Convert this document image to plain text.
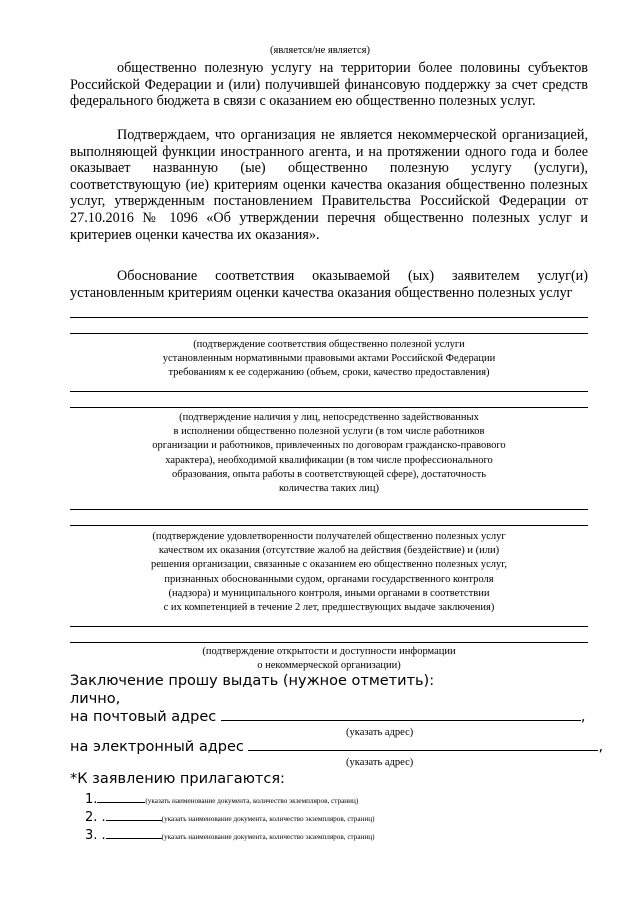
(является/не является)
общественно полезную услугу на территории более половины субъектов Российской Федерации и (или) получившей финансовую поддержку за счет средств федерального бюджета в связи с оказанием ею общественно полезных услуг.
Подтверждаем, что организация не является некоммерческой организацией, выполняющей функции иностранного агента, и на протяжении одного года и более оказывает названную (ые) общественно полезную услугу (услуги), соответствующую (ие) критериям оценки качества оказания общественно полезных услуг, утвержденным постановлением Правительства Российской Федерации от 27.10.2016 № 1096 «Об утверждении перечня общественно полезных услуг и критериев оценки качества их оказания».
Обоснование соответствия оказываемой (ых) заявителем услуг(и) установленным критериям оценки качества оказания общественно полезных услуг
(подтверждение соответствия общественно полезной услуги
установленным нормативными правовыми актами Российской Федерации
требованиям к ее содержанию (объем, сроки, качество предоставления)
(подтверждение наличия у лиц, непосредственно задействованных
в исполнении общественно полезной услуги (в том числе работников
организации и работников, привлеченных по договорам гражданско-правового
характера), необходимой квалификации (в том числе профессионального
образования, опыта работы в соответствующей сфере), достаточность
количества таких лиц)
(подтверждение удовлетворенности получателей общественно полезных услуг
качеством их оказания (отсутствие жалоб на действия (бездействие) и (или)
решения организации, связанные с оказанием ею общественно полезных услуг,
признанных обоснованными судом, органами государственного контроля
(надзора) и муниципального контроля, иными органами в соответствии
с их компетенцией в течение 2 лет, предшествующих выдаче заключения)
(подтверждение открытости и доступности информации
о некоммерческой организации)
Заключение прошу выдать (нужное отметить):
лично,
на почтовый адрес	,
(указать адрес)
на электронный адрес	,
(указать адрес)
*К заявлению прилагаются:
1.	(указать наименование документа, количество экземпляров, страниц)
2. .	(указать наименование документа, количество экземпляров, страниц)
3. .	(указать наименование документа, количество экземпляров, страниц)
